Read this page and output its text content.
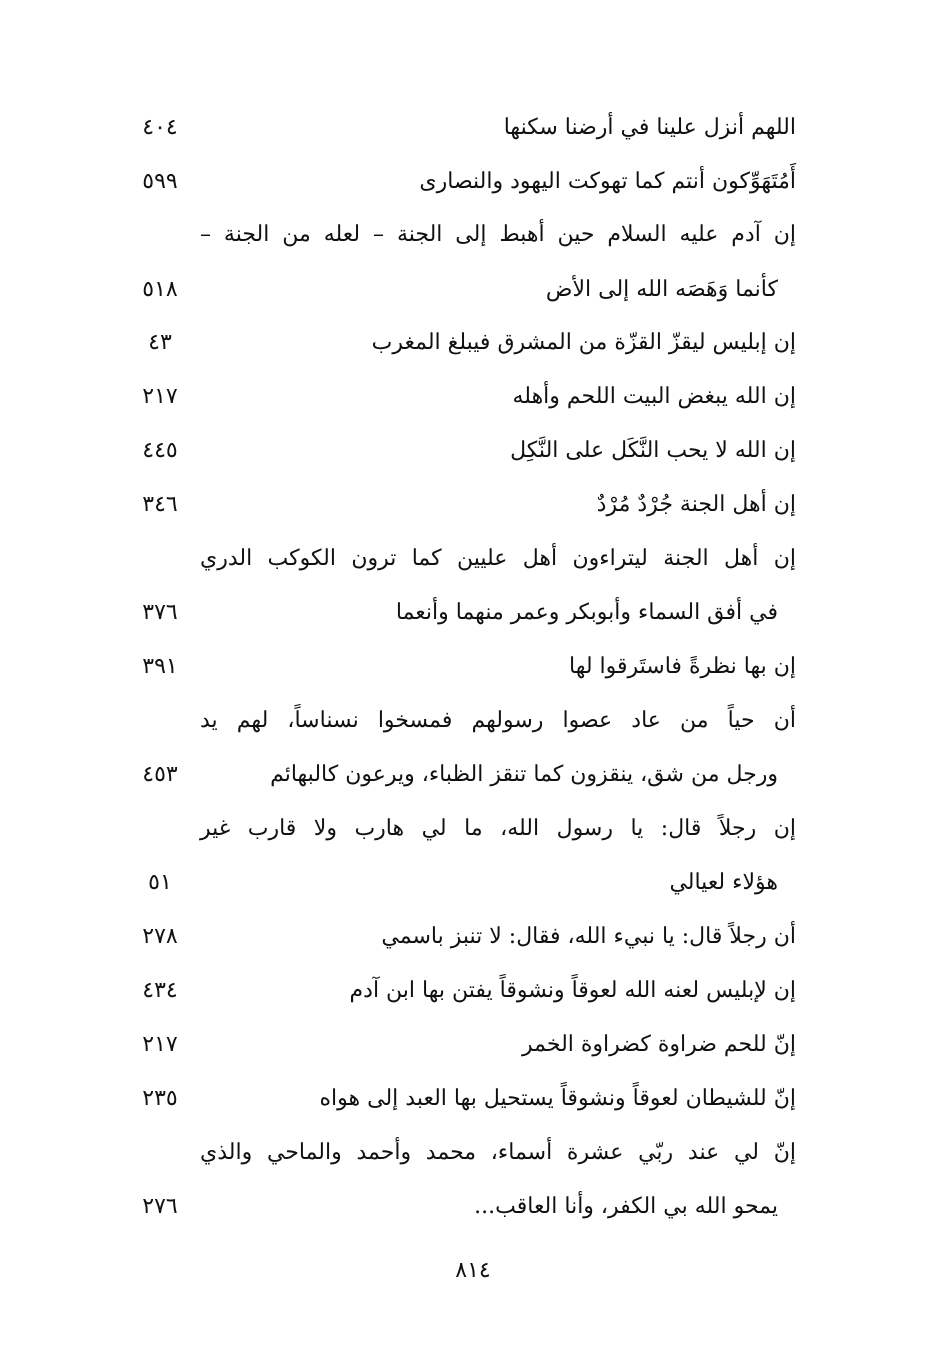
اللهم أنزل علينا في أرضنا سكنها
٤٠٤
أَمُتَهَوِّكون أنتم كما تهوكت اليهود والنصارى
٥٩٩
إن آدم عليه السلام حين أهبط إلى الجنة – لعله من الجنة –
كأنما وَهَصَه الله إلى الأض
٥١٨
إن إبليس ليقزّ القزّة من المشرق فيبلغ المغرب
٤٣
إن الله يبغض البيت اللحم وأهله
٢١٧
إن الله لا يحب النَّكَل على النَّكِل
٤٤٥
إن أهل الجنة جُرْدٌ مُرْدٌ
٣٤٦
إن أهل الجنة ليتراءون أهل عليين كما ترون الكوكب الدري
في أفق السماء وأبوبكر وعمر منهما وأنعما
٣٧٦
إن بها نظرةً فاستَرقوا لها
٣٩١
أن حياً من عاد عصوا رسولهم فمسخوا نسناساً، لهم يد
ورجل من شق، ينقزون كما تنقز الظباء، ويرعون كالبهائم
٤٥٣
إن رجلاً قال: يا رسول الله، ما لي هارب ولا قارب غير
هؤلاء لعيالي
٥١
أن رجلاً قال: يا نبيء الله، فقال: لا تنبز باسمي
٢٧٨
إن لإبليس لعنه الله لعوقاً ونشوقاً يفتن بها ابن آدم
٤٣٤
إنّ للحم ضراوة كضراوة الخمر
٢١٧
إنّ للشيطان لعوقاً ونشوقاً يستحيل بها العبد إلى هواه
٢٣٥
إنّ لي عند ربّي عشرة أسماء، محمد وأحمد والماحي والذي
يمحو الله بي الكفر، وأنا العاقب...
٢٧٦
٨١٤
